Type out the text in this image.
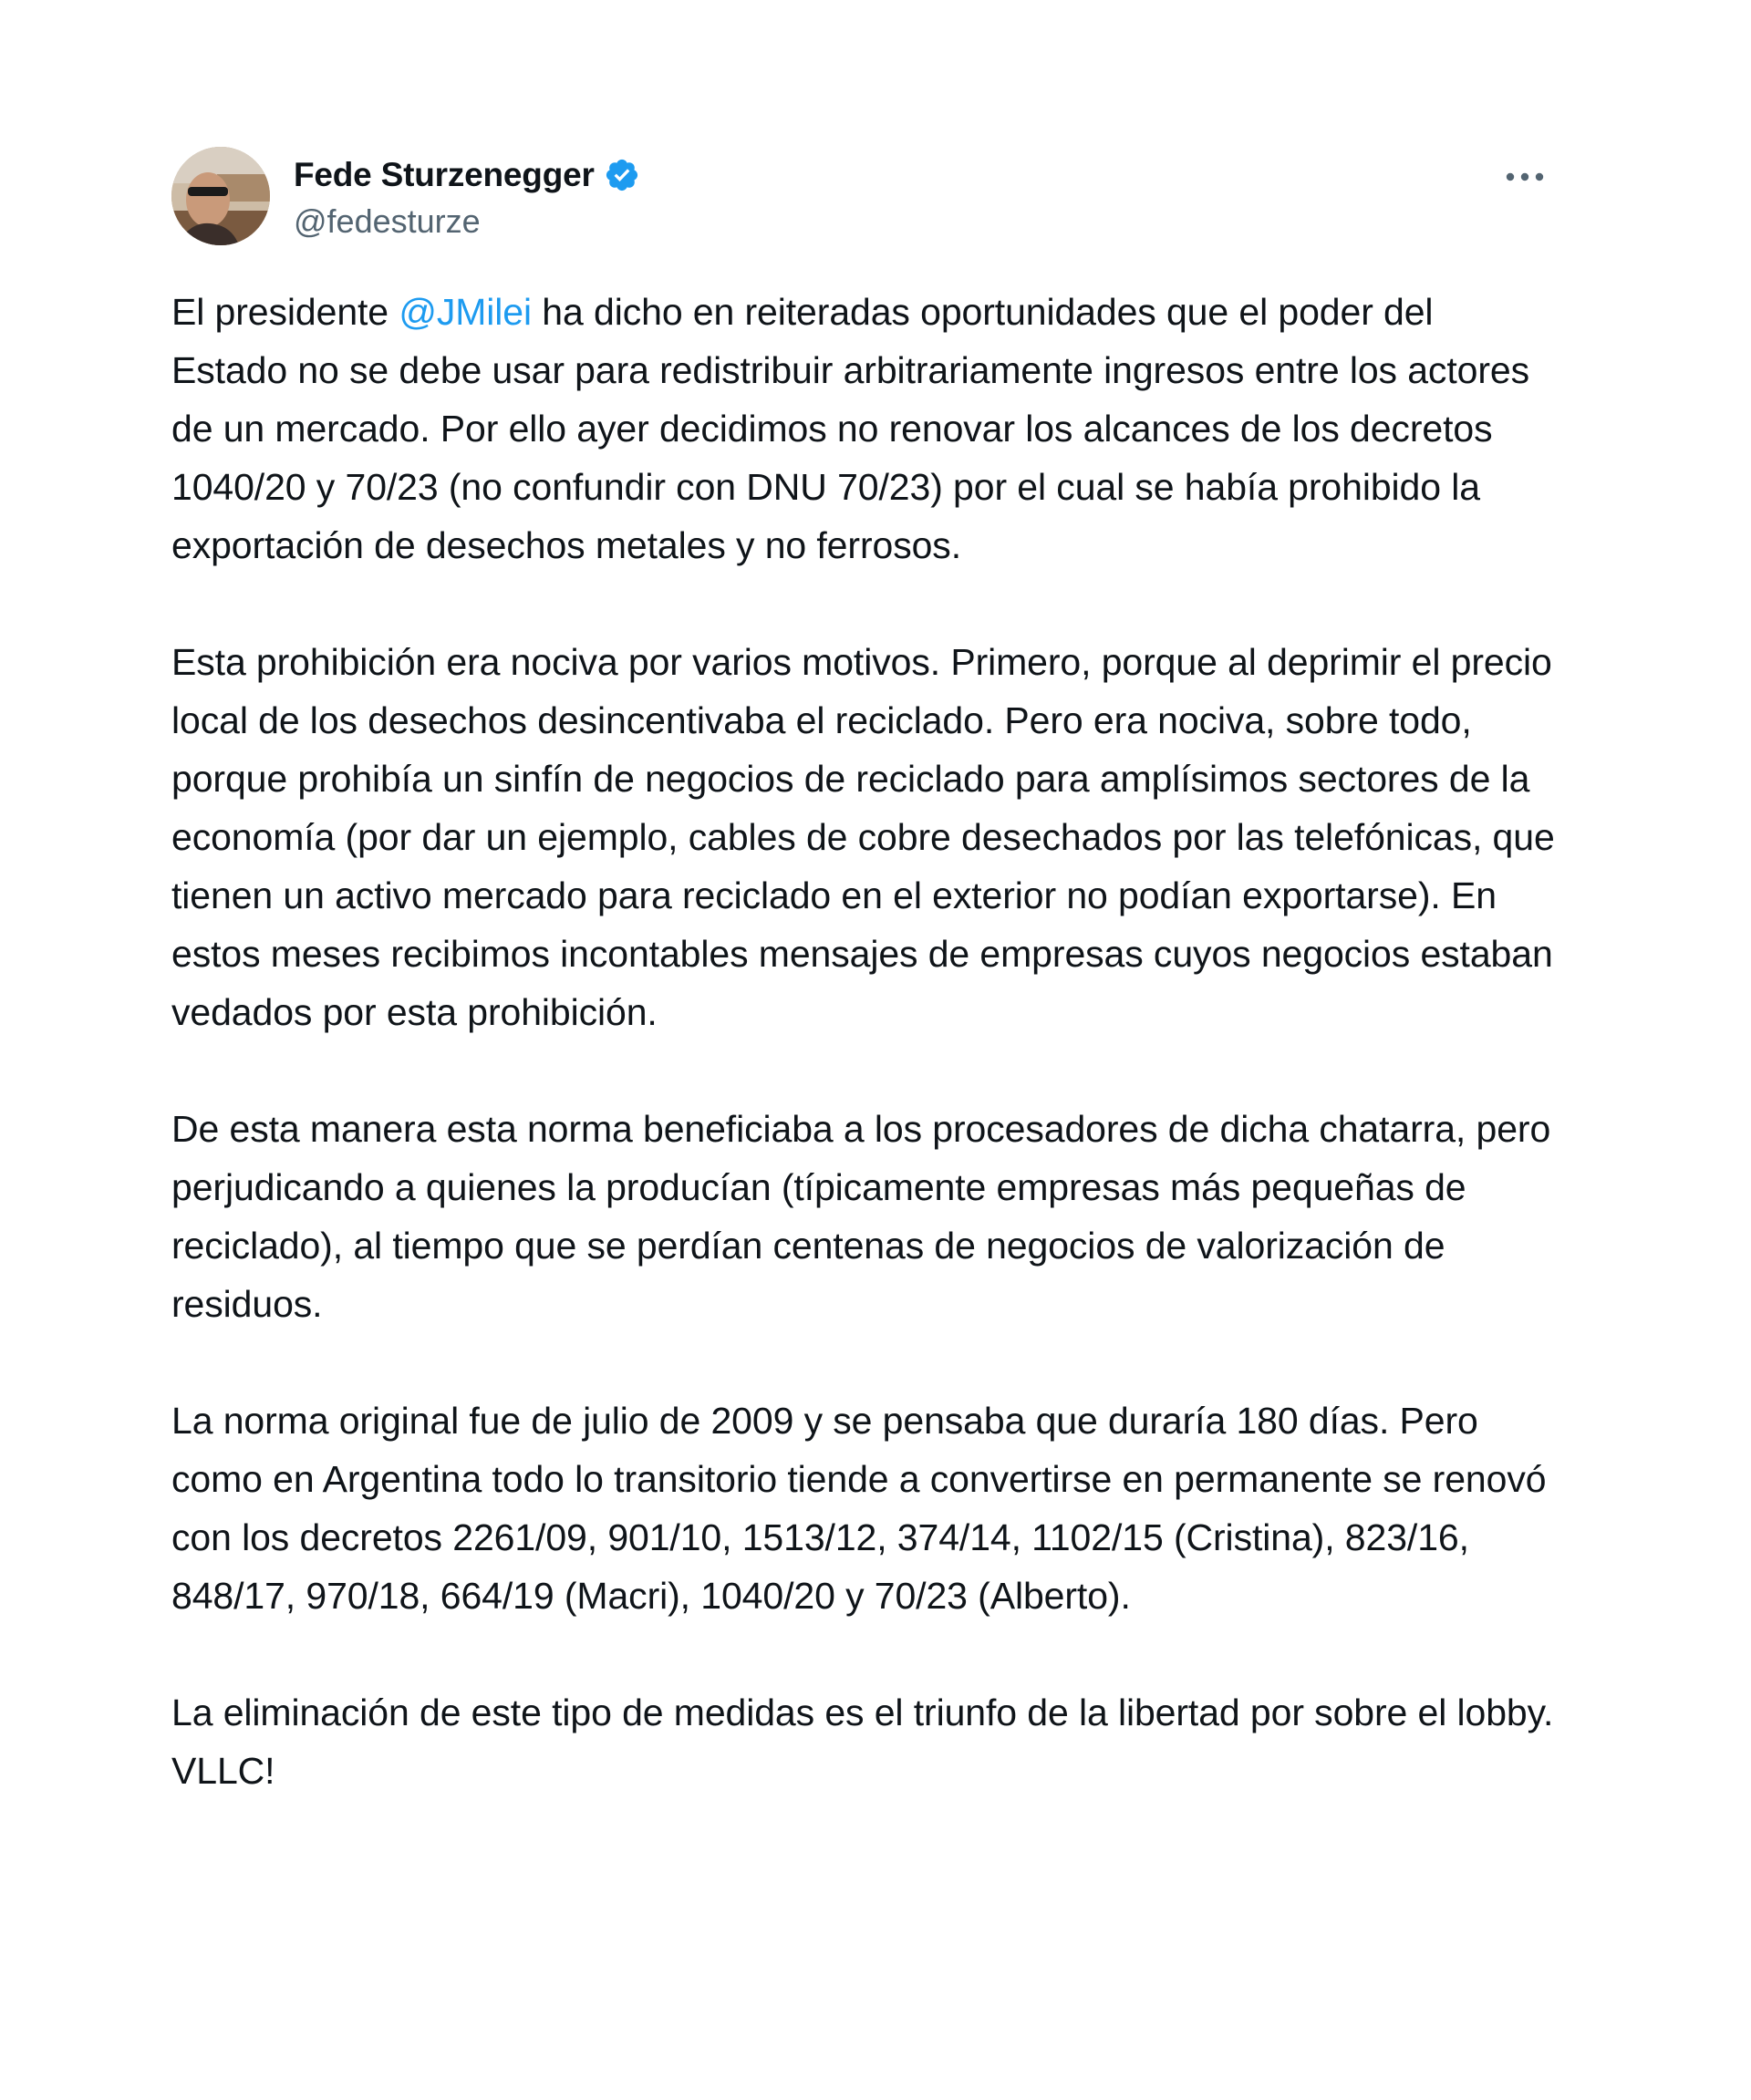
Fede Sturzenegger
@fedesturze

El presidente @JMilei ha dicho en reiteradas oportunidades que el poder del Estado no se debe usar para redistribuir arbitrariamente ingresos entre los actores de un mercado. Por ello ayer decidimos no renovar los alcances de los decretos 1040/20 y 70/23 (no confundir con DNU 70/23) por el cual se había prohibido la exportación de desechos metales y no ferrosos.

Esta prohibición era nociva por varios motivos. Primero, porque al deprimir el precio local de los desechos desincentivaba el reciclado. Pero era nociva, sobre todo, porque prohibía un sinfín de negocios de reciclado para amplísimos sectores de la economía (por dar un ejemplo, cables de cobre desechados por las telefónicas, que tienen un activo mercado para reciclado en el exterior no podían exportarse). En estos meses recibimos incontables mensajes de empresas cuyos negocios estaban vedados por esta prohibición.

De esta manera esta norma beneficiaba a los procesadores de dicha chatarra, pero perjudicando a quienes la producían (típicamente empresas más pequeñas de reciclado), al tiempo que se perdían centenas de negocios de valorización de residuos.

La norma original fue de julio de 2009 y se pensaba que duraría 180 días. Pero como en Argentina todo lo transitorio tiende a convertirse en permanente se renovó con los decretos 2261/09, 901/10, 1513/12, 374/14, 1102/15 (Cristina), 823/16, 848/17, 970/18, 664/19 (Macri), 1040/20 y 70/23 (Alberto).

La eliminación de este tipo de medidas es el triunfo de la libertad por sobre el lobby. VLLC!
